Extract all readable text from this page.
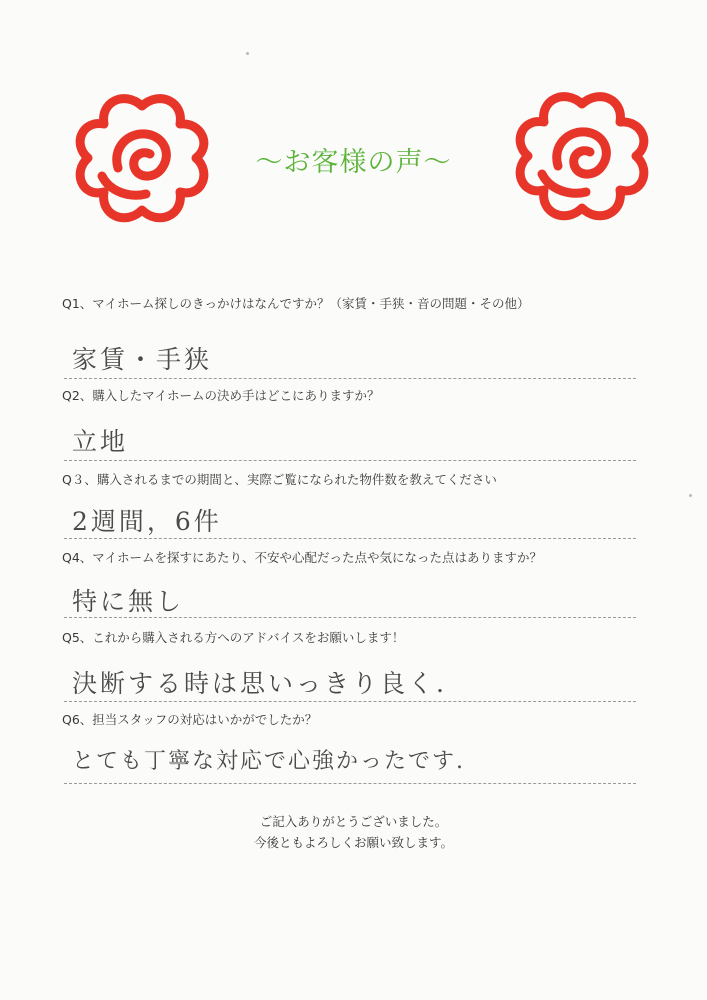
～お客様の声～
Q1、マイホーム探しのきっかけはなんですか？（家賃・手狭・音の問題・その他）
家賃・手狭
Q2、購入したマイホームの決め手はどこにありますか？
立地
Q３、購入されるまでの期間と、実際ご覧になられた物件数を教えてください
2週間，6件
Q4、マイホームを探すにあたり、不安や心配だった点や気になった点はありますか？
特に無し
Q5、これから購入される方へのアドバイスをお願いします！
決断する時は思いっきり良く.
Q6、担当スタッフの対応はいかがでしたか？
とても丁寧な対応で心強かったです.
ご記入ありがとうございました。
今後ともよろしくお願い致します。
